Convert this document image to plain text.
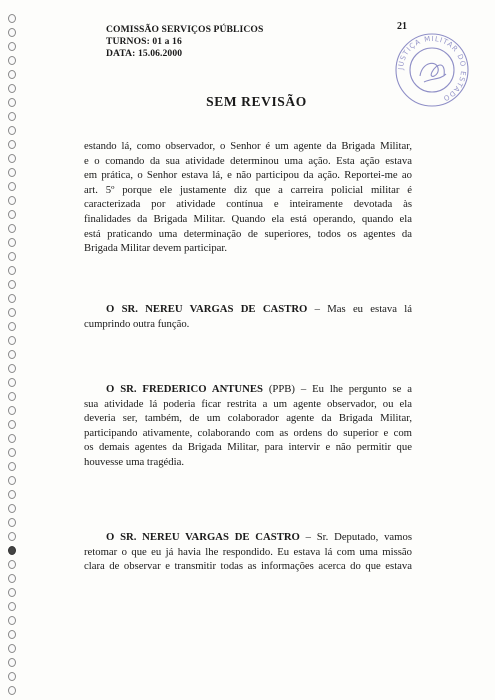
COMISSÃO SERVIÇOS PÚBLICOS
TURNOS: 01 a 16
DATA: 15.06.2000
21
JUSTIÇA MILITAR DO ESTADO
SEM REVISÃO
estando lá, como observador, o Senhor é um agente da Brigada Militar,
e o comando da sua atividade determinou uma ação. Esta ação estava
em prática, o Senhor estava lá, e não participou da ação. Reportei-me ao
art. 5º porque ele justamente diz que a carreira policial militar é
caracterizada por atividade contínua e inteiramente devotada às
finalidades da Brigada Militar. Quando ela está operando, quando ela
está praticando uma determinação de superiores, todos os agentes da
Brigada Militar devem participar.
O SR. NEREU VARGAS DE CASTRO – Mas eu estava lá
cumprindo outra função.
O SR. FREDERICO ANTUNES (PPB) – Eu lhe pergunto se a
sua atividade lá poderia ficar restrita a um agente observador, ou ela
deveria ser, também, de um colaborador agente da Brigada Militar,
participando ativamente, colaborando com as ordens do superior e com
os demais agentes da Brigada Militar, para intervir e não permitir que
houvesse uma tragédia.
O SR. NEREU VARGAS DE CASTRO – Sr. Deputado, vamos
retomar o que eu já havia lhe respondido. Eu estava lá com uma missão
clara de observar e transmitir todas as informações acerca do que estava
